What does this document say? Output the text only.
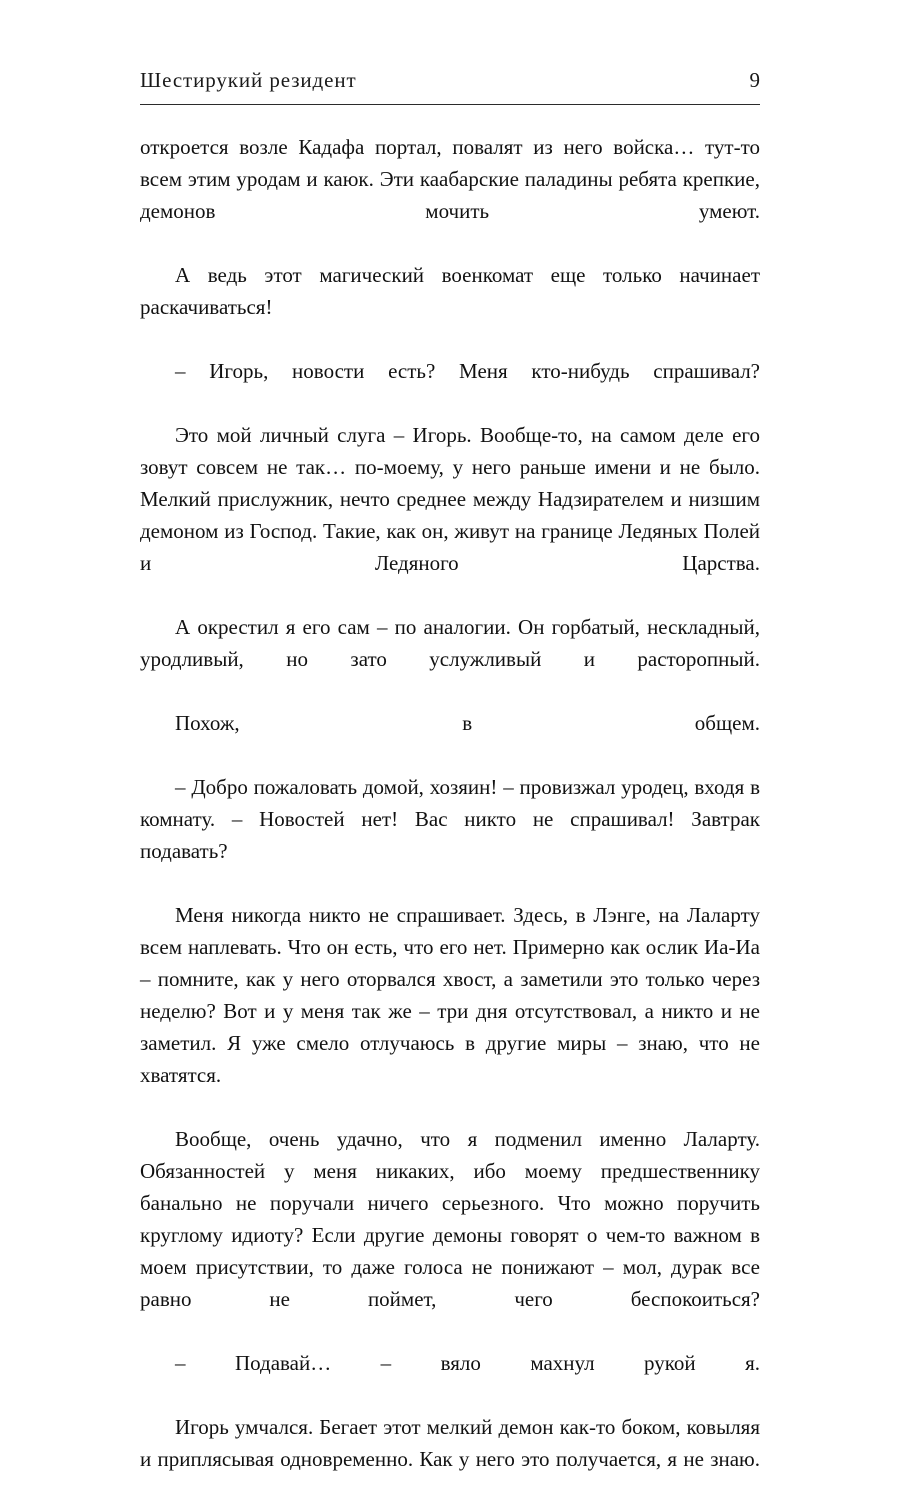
Шестирукий резидент	9

откроется возле Кадафа портал, повалят из него войска… тут-то всем этим уродам и каюк. Эти каабарские паладины ребята крепкие, демонов мочить умеют.

А ведь этот магический военкомат еще только начинает раскачиваться!

– Игорь, новости есть? Меня кто-нибудь спрашивал?

Это мой личный слуга – Игорь. Вообще-то, на самом деле его зовут совсем не так… по-моему, у него раньше имени и не было. Мелкий прислужник, нечто среднее между Надзирателем и низшим демоном из Господ. Такие, как он, живут на границе Ледяных Полей и Ледяного Царства.

А окрестил я его сам – по аналогии. Он горбатый, нескладный, уродливый, но зато услужливый и расторопный.

Похож, в общем.

– Добро пожаловать домой, хозяин! – провизжал уродец, входя в комнату. – Новостей нет! Вас никто не спрашивал! Завтрак подавать?

Меня никогда никто не спрашивает. Здесь, в Лэнге, на Лаларту всем наплевать. Что он есть, что его нет. Примерно как ослик Иа-Иа – помните, как у него оторвался хвост, а заметили это только через неделю? Вот и у меня так же – три дня отсутствовал, а никто и не заметил. Я уже смело отлучаюсь в другие миры – знаю, что не хватятся.

Вообще, очень удачно, что я подменил именно Лаларту. Обязанностей у меня никаких, ибо моему предшественнику банально не поручали ничего серьезного. Что можно поручить круглому идиоту? Если другие демоны говорят о чем-то важном в моем присутствии, то даже голоса не понижают – мол, дурак все равно не поймет, чего беспокоиться?

– Подавай… – вяло махнул рукой я.

Игорь умчался. Бегает этот мелкий демон как-то боком, ковыляя и приплясывая одновременно. Как у него это получается, я не знаю.
